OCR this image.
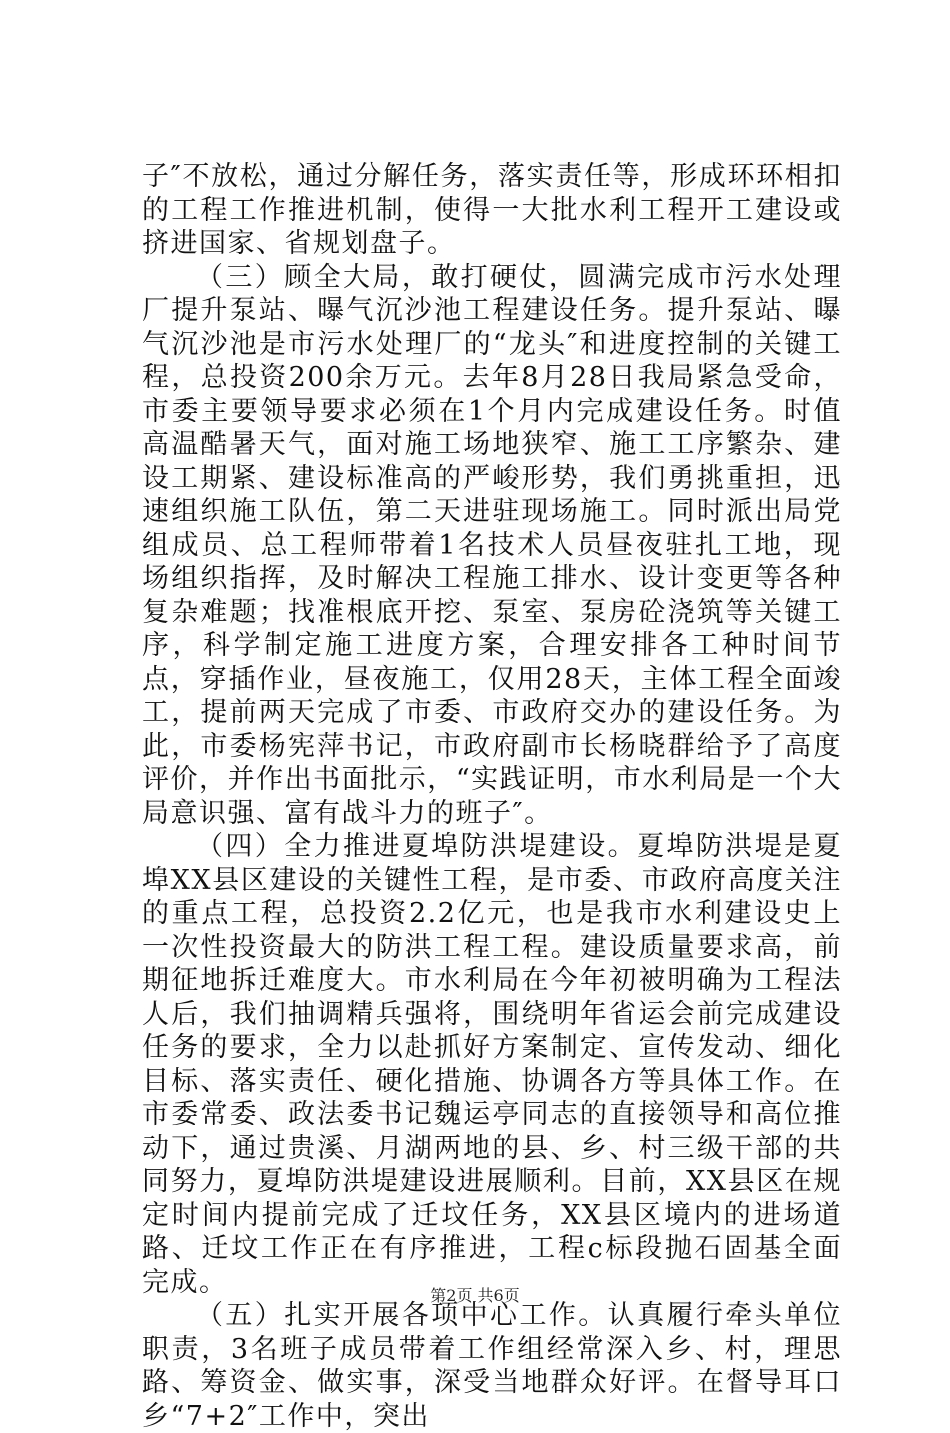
子″不放松，通过分解任务，落实责任等，形成环环相扣的工程工作推进机制，使得一大批水利工程开工建设或挤进国家、省规划盘子。

（三）顾全大局，敢打硬仗，圆满完成市污水处理厂提升泵站、曝气沉沙池工程建设任务。提升泵站、曝气沉沙池是市污水处理厂的“龙头″和进度控制的关键工程，总投资200余万元。去年8月28日我局紧急受命，市委主要领导要求必须在1个月内完成建设任务。时值高温酷暑天气，面对施工场地狭窄、施工工序繁杂、建设工期紧、建设标准高的严峻形势，我们勇挑重担，迅速组织施工队伍，第二天进驻现场施工。同时派出局党组成员、总工程师带着1名技术人员昼夜驻扎工地，现场组织指挥，及时解决工程施工排水、设计变更等各种复杂难题；找准根底开挖、泵室、泵房砼浇筑等关键工序，科学制定施工进度方案，合理安排各工种时间节点，穿插作业，昼夜施工，仅用28天，主体工程全面竣工，提前两天完成了市委、市政府交办的建设任务。为此，市委杨宪萍书记，市政府副市长杨晓群给予了高度评价，并作出书面批示，“实践证明，市水利局是一个大局意识强、富有战斗力的班子″。

（四）全力推进夏埠防洪堤建设。夏埠防洪堤是夏埠XX县区建设的关键性工程，是市委、市政府高度关注的重点工程，总投资2.2亿元，也是我市水利建设史上一次性投资最大的防洪工程工程。建设质量要求高，前期征地拆迁难度大。市水利局在今年初被明确为工程法人后，我们抽调精兵强将，围绕明年省运会前完成建设任务的要求，全力以赴抓好方案制定、宣传发动、细化目标、落实责任、硬化措施、协调各方等具体工作。在市委常委、政法委书记魏运亭同志的直接领导和高位推动下，通过贵溪、月湖两地的县、乡、村三级干部的共同努力，夏埠防洪堤建设进展顺利。目前，XX县区在规定时间内提前完成了迁坟任务，XX县区境内的进场道路、迁坟工作正在有序推进，工程c标段抛石固基全面完成。

（五）扎实开展各项中心工作。认真履行牵头单位职责，3名班子成员带着工作组经常深入乡、村，理思路、筹资金、做实事，深受当地群众好评。在督导耳口乡“7+2″工作中，突出

第2页 共6页
